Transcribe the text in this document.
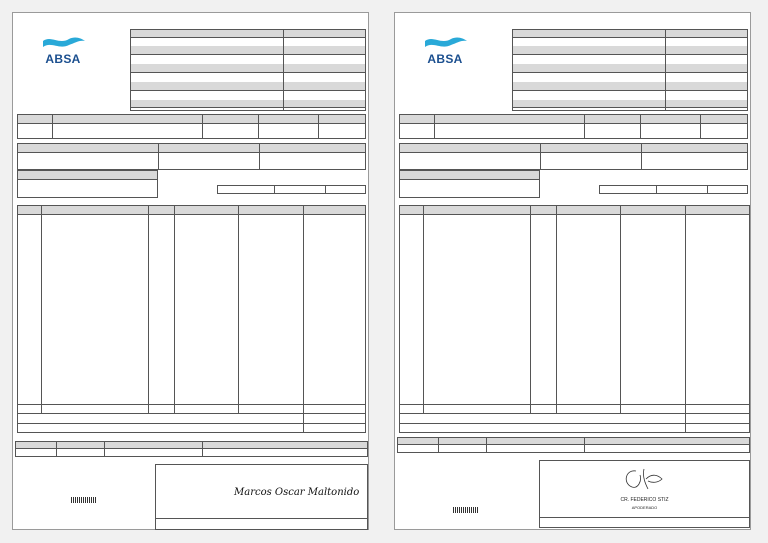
ABSA
Marcos Oscar Maltonido
ABSA
CR. FEDERICO STIZ
APODERADO
